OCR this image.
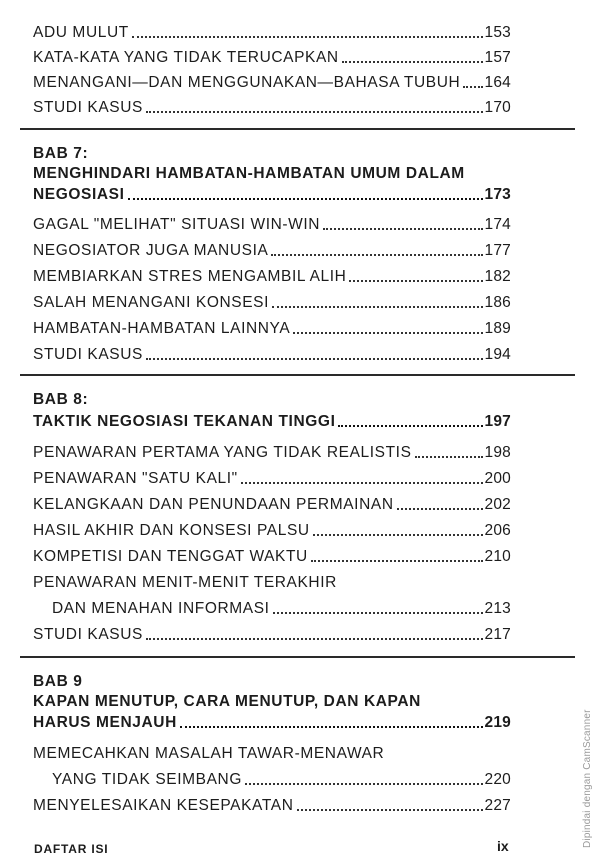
ADU MULUT	153
KATA-KATA YANG TIDAK TERUCAPKAN	157
MENANGANI—DAN MENGGUNAKAN—BAHASA TUBUH 164
STUDI KASUS	170
BAB 7:
MENGHINDARI HAMBATAN-HAMBATAN UMUM DALAM
NEGOSIASI	173
GAGAL "MELIHAT" SITUASI WIN-WIN	174
NEGOSIATOR JUGA MANUSIA	177
MEMBIARKAN STRES MENGAMBIL ALIH	182
SALAH MENANGANI KONSESI	186
HAMBATAN-HAMBATAN LAINNYA	189
STUDI KASUS	194
BAB 8:
TAKTIK NEGOSIASI TEKANAN TINGGI	197
PENAWARAN PERTAMA YANG TIDAK REALISTIS	198
PENAWARAN "SATU KALI"	200
KELANGKAAN DAN PENUNDAAN PERMAINAN	202
HASIL AKHIR DAN KONSESI PALSU	206
KOMPETISI DAN TENGGAT WAKTU	210
PENAWARAN MENIT-MENIT TERAKHIR
DAN MENAHAN INFORMASI	213
STUDI KASUS	217
BAB 9
KAPAN MENUTUP, CARA MENUTUP, DAN KAPAN
HARUS MENJAUH	219
MEMECAHKAN MASALAH TAWAR-MENAWAR
YANG TIDAK SEIMBANG	220
MENYELESAIKAN KESEPAKATAN	227
DAFTAR ISI	ix	Dipindai dengan CamScanner
